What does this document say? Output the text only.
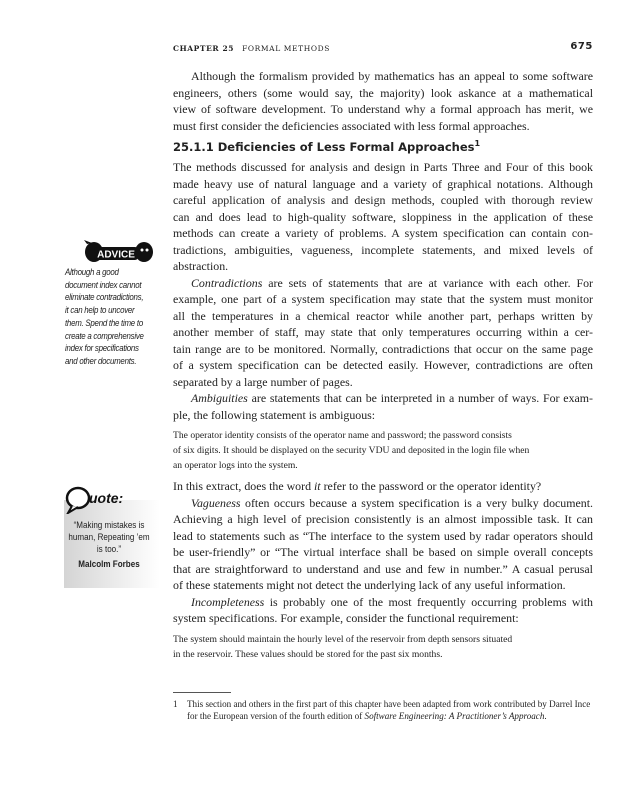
CHAPTER 25 FORMAL METHODS	675
Although the formalism provided by mathematics has an appeal to some software
engineers, others (some would say, the majority) look askance at a mathematical
view of software development. To understand why a formal approach has merit, we
must first consider the deficiencies associated with less formal approaches.
25.1.1 Deficiencies of Less Formal Approaches$^1$
The methods discussed for analysis and design in Parts Three and Four of this book
made heavy use of natural language and a variety of graphical notations. Although
careful application of analysis and design methods, coupled with thorough review
can and does lead to high-quality software, sloppiness in the application of these
methods can create a variety of problems. A system specification can contain con-
tradictions, ambiguities, vagueness, incomplete statements, and mixed levels of
abstraction.
Contradictions are sets of statements that are at variance with each other. For
example, one part of a system specification may state that the system must monitor
all the temperatures in a chemical reactor while another part, perhaps written by
another member of staff, may state that only temperatures occurring within a cer-
tain range are to be monitored. Normally, contradictions that occur on the same page
of a system specification can be detected easily. However, contradictions are often
separated by a large number of pages.
Ambiguities are statements that can be interpreted in a number of ways. For exam-
ple, the following statement is ambiguous:
The operator identity consists of the operator name and password; the password consists
of six digits. It should be displayed on the security VDU and deposited in the login file when
an operator logs into the system.
In this extract, does the word it refer to the password or the operator identity?
Vagueness often occurs because a system specification is a very bulky document.
Achieving a high level of precision consistently is an almost impossible task. It can
lead to statements such as “The interface to the system used by radar operators should
be user-friendly” or “The virtual interface shall be based on simple overall concepts
that are straightforward to understand and use and few in number.” A casual perusal
of these statements might not detect the underlying lack of any useful information.
Incompleteness is probably one of the most frequently occurring problems with
system specifications. For example, consider the functional requirement:
The system should maintain the hourly level of the reservoir from depth sensors situated
in the reservoir. These values should be stored for the past six months.
ADVICE
Although a good document index cannot eliminate contradictions, it can help to uncover them. Spend the time to create a comprehensive index for specifications and other documents.
uote:
“Making mistakes is human, Repeating ’em is too.”
Malcolm Forbes
1 This section and others in the first part of this chapter have been adapted from work contributed by Darrel Ince for the European version of the fourth edition of Software Engineering: A Practitioner’s Approach.
